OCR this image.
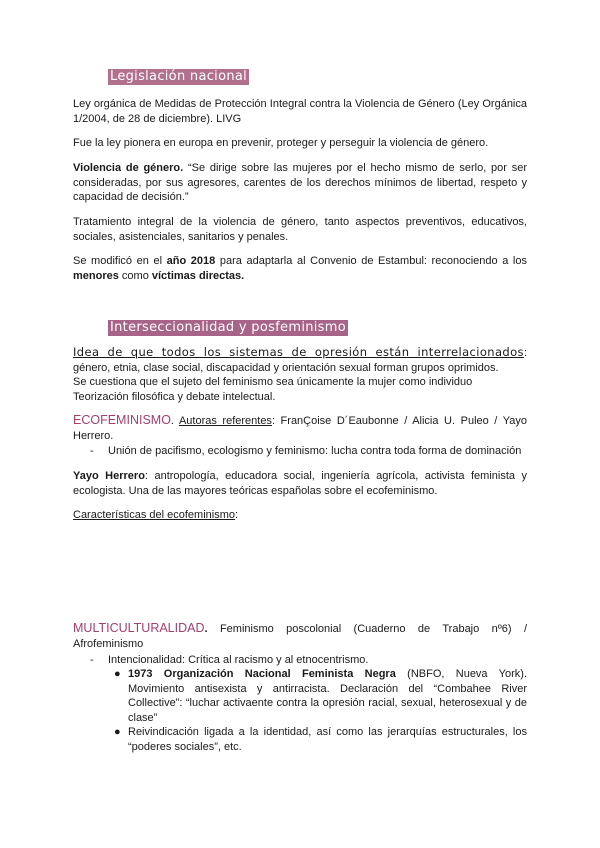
Legislación nacional
Ley orgánica de Medidas de Protección Integral contra la Violencia de Género (Ley Orgánica 1/2004, de 28 de diciembre). LIVG
Fue la ley pionera en europa en prevenir, proteger y perseguir la violencia de género.
Violencia de género. “Se dirige sobre las mujeres por el hecho mismo de serlo, por ser consideradas, por sus agresores, carentes de los derechos mínimos de libertad, respeto y capacidad de decisión.”
Tratamiento integral de la violencia de género, tanto aspectos preventivos, educativos, sociales, asistenciales, sanitarios y penales.
Se modificó en el año 2018 para adaptarla al Convenio de Estambul: reconociendo a los menores como víctimas directas.
Interseccionalidad y posfeminismo
Idea de que todos los sistemas de opresión están interrelacionados: género, etnia, clase social, discapacidad y orientación sexual forman grupos oprimidos.
Se cuestiona que el sujeto del feminismo sea únicamente la mujer como individuo
Teorización filosófica y debate intelectual.
ECOFEMINISMO. Autoras referentes: FranÇoise D´Eaubonne / Alicia U. Puleo / Yayo Herrero.
- Unión de pacifismo, ecologismo y feminismo: lucha contra toda forma de dominación
Yayo Herrero: antropología, educadora social, ingeniería agrícola, activista feminista y ecologista. Una de las mayores teóricas españolas sobre el ecofeminismo.
Características del ecofeminismo:
MULTICULTURALIDAD. Feminismo poscolonial (Cuaderno de Trabajo nº6) / Afrofeminismo
- Intencionalidad: Crítica al racismo y al etnocentrismo.
● 1973 Organización Nacional Feminista Negra (NBFO, Nueva York). Movimiento antisexista y antirracista. Declaración del “Combahee River Collective”: “luchar activaente contra la opresión racial, sexual, heterosexual y de clase”
● Reivindicación ligada a la identidad, así como las jerarquías estructurales, los “poderes sociales”, etc.
